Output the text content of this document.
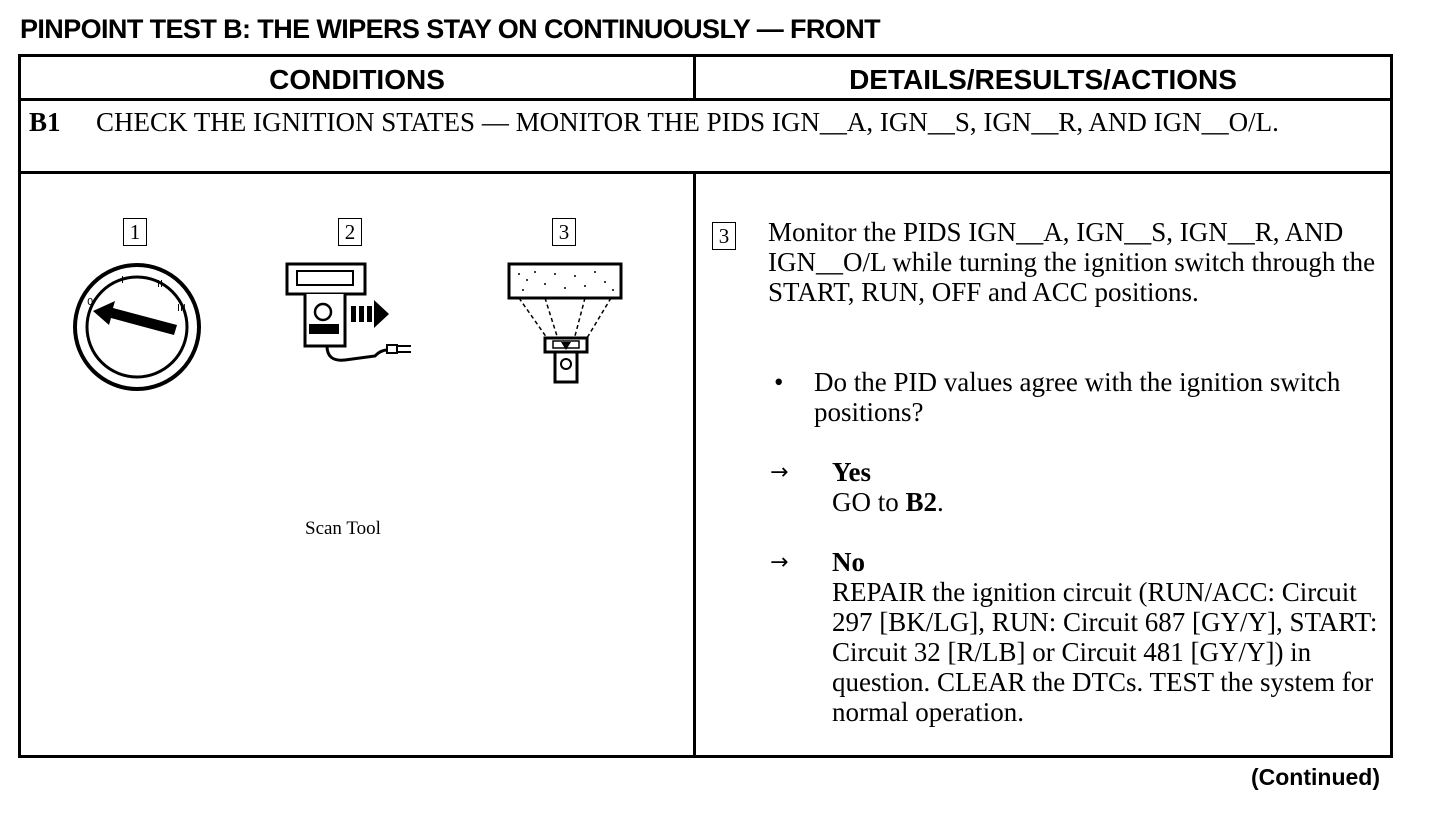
PINPOINT TEST B: THE WIPERS STAY ON CONTINUOUSLY — FRONT
CONDITIONS	DETAILS/RESULTS/ACTIONS
B1 CHECK THE IGNITION STATES — MONITOR THE PIDS IGN__A, IGN__S, IGN__R, AND IGN__O/L.
1	2	3
0
I	II
III
Scan Tool
3 Monitor the PIDS IGN__A, IGN__S, IGN__R, AND IGN__O/L while turning the ignition switch through the START, RUN, OFF and ACC positions.
• Do the PID values agree with the ignition switch positions?
→ Yes
GO to B2.
→ No
REPAIR the ignition circuit (RUN/ACC: Circuit 297 [BK/LG], RUN: Circuit 687 [GY/Y], START: Circuit 32 [R/LB] or Circuit 481 [GY/Y]) in question. CLEAR the DTCs. TEST the system for normal operation.
(Continued)
